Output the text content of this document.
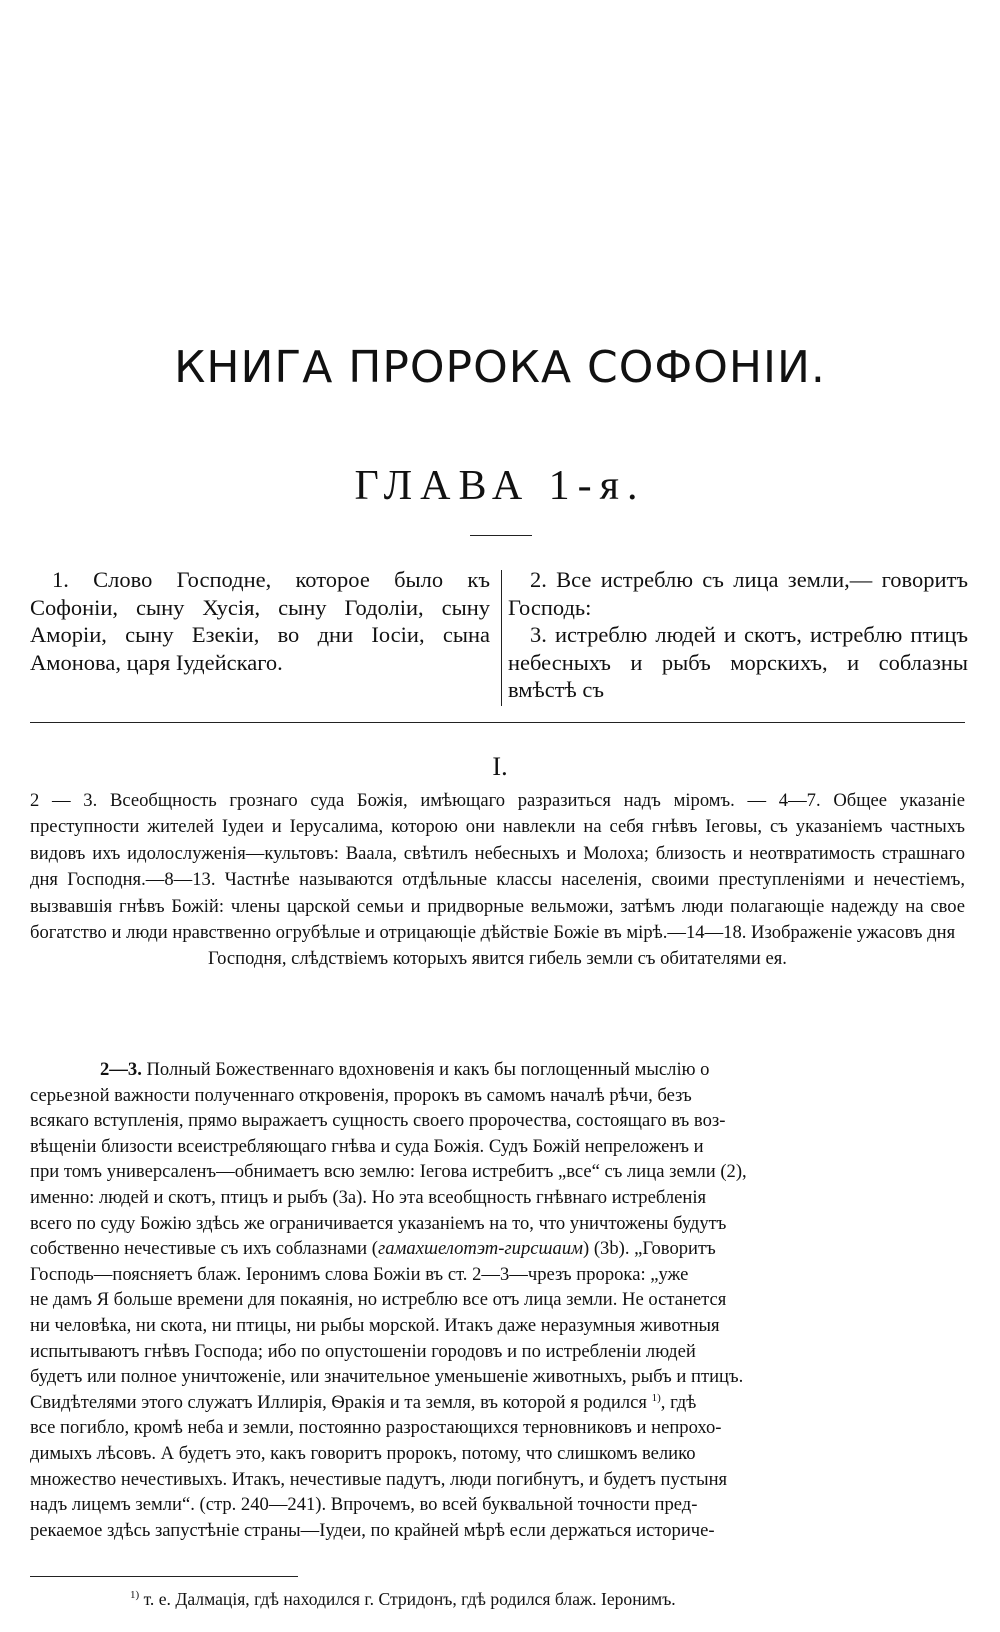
КНИГА ПРОРОКА СОФОНIИ.
ГЛАВА 1-я.

1. Слово Господне, которое было къ Софонiи, сыну Хусiя, сыну Годолiи, сыну Аморiи, сыну Езекiи, во дни Iосiи, сына Амонова, царя Iудейскаго.

2. Все истреблю съ лица земли,— говоритъ Господь:

3. истреблю людей и скотъ, истреблю птицъ небесныхъ и рыбъ морскихъ, и соблазны вмѣстѣ съ

I.

2 — 3. Всеобщность грознаго суда Божiя, имѣющаго разразиться надъ мiромъ. — 4—7. Общее указанiе преступности жителей Iудеи и Iерусалима, которою они навлекли на себя гнѣвъ Iеговы, съ указанiемъ частныхъ видовъ ихъ идолослуженiя—культовъ: Ваала, свѣтилъ небесныхъ и Молоха; близость и неотвратимость страшнаго дня Господня.—8—13. Частнѣе называются отдѣльные классы населенiя, своими преступленiями и нечестiемъ, вызвавшiя гнѣвъ Божiй: члены царской семьи и придворные вельможи, затѣмъ люди полагающiе надежду на свое богатство и люди нравственно огрубѣлые и отрицающiе дѣйствiе Божiе въ мiрѣ.—14—18. Изображенiе ужасовъ дня

Господня, слѣдствiемъ которыхъ явится гибель земли съ обитателями ея.

2—3. Полный Божественнаго вдохновенiя и какъ бы поглощенный мыслiю о
серьезной важности полученнаго откровенiя, пророкъ въ самомъ началѣ рѣчи, безъ
всякаго вступленiя, прямо выражаетъ сущность своего пророчества, состоящаго въ воз-
вѣщенiи близости всеистребляющаго гнѣва и суда Божiя. Судъ Божiй непреложенъ и
при томъ универсаленъ—обнимаетъ всю землю: Iегова истребитъ „все“ съ лица земли (2),
именно: людей и скотъ, птицъ и рыбъ (3а). Но эта всеобщность гнѣвнаго истребленiя
всего по суду Божiю здѣсь же ограничивается указанiемъ на то, что уничтожены будутъ
собственно нечестивые съ ихъ соблазнами (гамахшелотэт-гирсшаим) (3b). „Говоритъ
Господь—поясняетъ блаж. Iеронимъ слова Божiи въ ст. 2—3—чрезъ пророка: „уже
не дамъ Я больше времени для покаянiя, но истреблю все отъ лица земли. Не останется
ни человѣка, ни скота, ни птицы, ни рыбы морской. Итакъ даже неразумныя животныя
испытываютъ гнѣвъ Господа; ибо по опустошенiи городовъ и по истребленiи людей
будетъ или полное уничтоженiе, или значительное уменьшенiе животныхъ, рыбъ и птицъ.
Свидѣтелями этого служатъ Иллирiя, Ѳракiя и та земля, въ которой я родился $^{1)}$, гдѣ
все погибло, кромѣ неба и земли, постоянно разростающихся терновниковъ и непрохо-
димыхъ лѣсовъ. А будетъ это, какъ говоритъ пророкъ, потому, что слишкомъ велико
множество нечестивыхъ. Итакъ, нечестивые падутъ, люди погибнутъ, и будетъ пустыня
надъ лицемъ земли“. (стр. 240—241). Впрочемъ, во всей буквальной точности пред-
рекаемое здѣсь запустѣнiе страны—Iудеи, по крайней мѣрѣ если держаться историче-
$^{1)}$ т. е. Далмацiя, гдѣ находился г. Стридонъ, гдѣ родился блаж. Iеронимъ.
